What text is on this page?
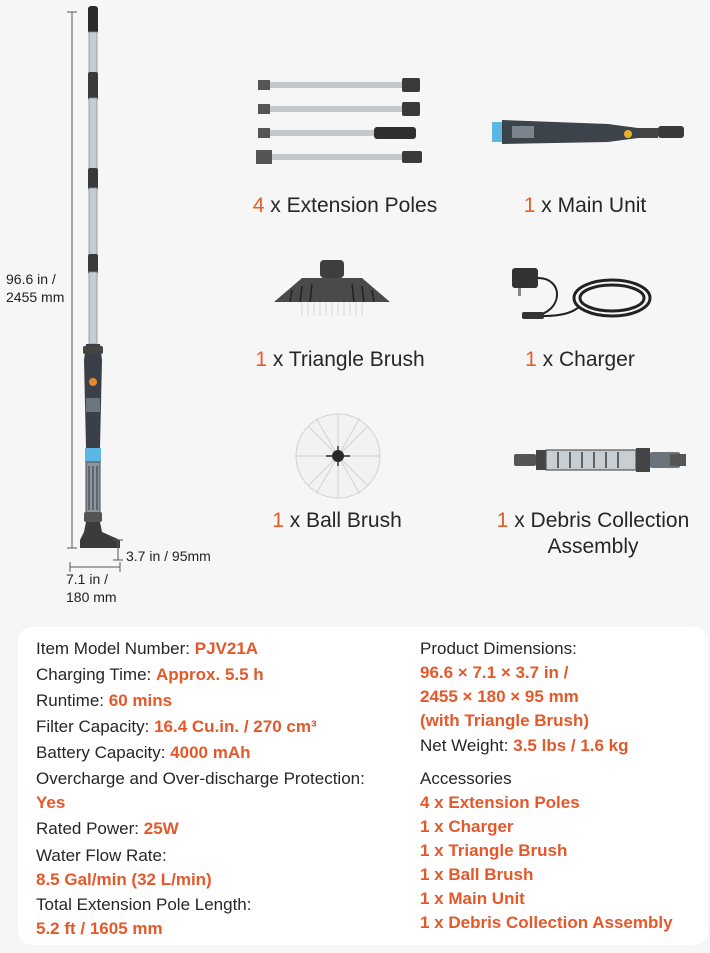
96.6 in /
2455 mm
3.7 in / 95mm
7.1 in /
180 mm
4 x Extension Poles	1 x Main Unit
1 x Triangle Brush	1 x Charger
1 x Ball Brush	1 x Debris Collection
Assembly
Item Model Number: PJV21A
Charging Time: Approx. 5.5 h
Runtime: 60 mins
Filter Capacity: 16.4 Cu.in. / 270 cm³
Battery Capacity: 4000 mAh
Overcharge and Over-discharge Protection:
Yes
Rated Power: 25W
Water Flow Rate:
8.5 Gal/min (32 L/min)
Total Extension Pole Length:
5.2 ft / 1605 mm
Product Dimensions:
96.6 × 7.1 × 3.7 in /
2455 × 180 × 95 mm
(with Triangle Brush)
Net Weight: 3.5 lbs / 1.6 kg
Accessories
4 x Extension Poles
1 x Charger
1 x Triangle Brush
1 x Ball Brush
1 x Main Unit
1 x Debris Collection Assembly
